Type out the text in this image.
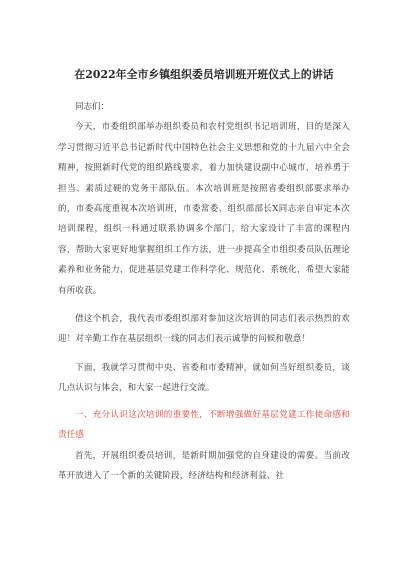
在2022年全市乡镇组织委员培训班开班仪式上的讲话

同志们：

今天，市委组织部举办组织委员和农村党组织书记培训班，目的是深入学习贯彻习近平总书记新时代中国特色社会主义思想和党的十九届六中全会精神，按照新时代党的组织路线要求，着力加快建设副中心城市，培养勇于担当、素质过硬的党务干部队伍。本次培训班是按照省委组织部要求举办的，市委高度重视本次培训班，市委常委、组织部部长X同志亲自审定本次培训课程，组织一科通过联系协调多个部门，给大家设计了丰富的课程内容，帮助大家更好地掌握组织工作方法，进一步提高全市组织委员队伍理论素养和业务能力，促进基层党建工作科学化、规范化、系统化，希望大家能有所收获。

借这个机会，我代表市委组织部对参加这次培训的同志们表示热烈的欢迎！对辛勤工作在基层组织一线的同志们表示诚挚的问候和敬意！

下面，我就学习贯彻中央、省委和市委精神，就如何当好组织委员，谈几点认识与体会，和大家一起进行交流。

一、充分认识这次培训的重要性，不断增强做好基层党建工作使命感和责任感

首先，开展组织委员培训，是新时期加强党的自身建设的需要。当前改革开放进入了一个新的关键阶段，经济结构和经济利益、社
